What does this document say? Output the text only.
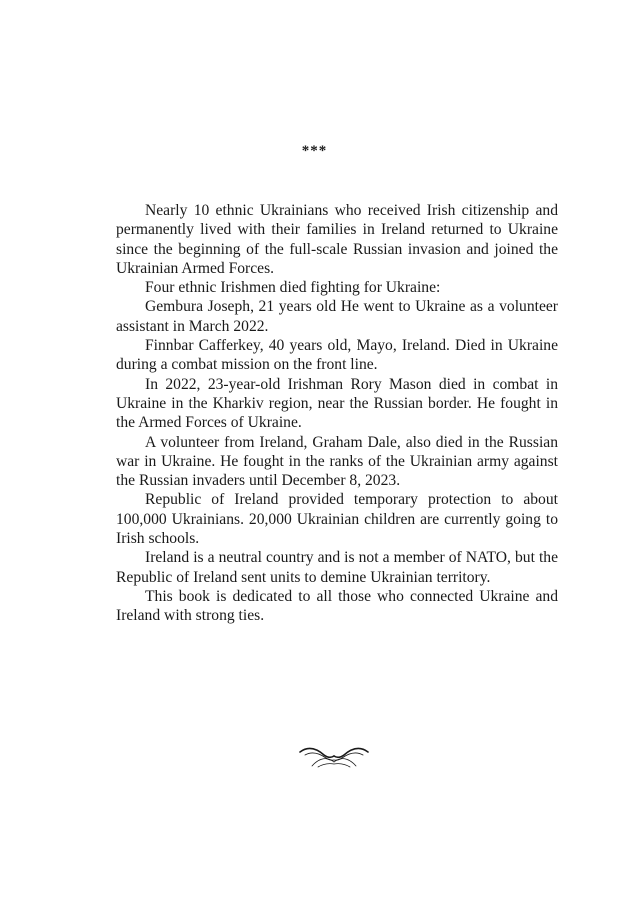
***

Nearly 10 ethnic Ukrainians who received Irish citizenship and permanently lived with their families in Ireland returned to Ukraine since the beginning of the full-scale Russian invasion and joined the Ukrainian Armed Forces.

Four ethnic Irishmen died fighting for Ukraine:

Gembura Joseph, 21 years old He went to Ukraine as a volunteer assistant in March 2022.

Finnbar Cafferkey, 40 years old, Mayo, Ireland. Died in Ukraine during a combat mission on the front line.

In 2022, 23-year-old Irishman Rory Mason died in combat in Ukraine in the Kharkiv region, near the Russian border. He fought in the Armed Forces of Ukraine.

A volunteer from Ireland, Graham Dale, also died in the Russian war in Ukraine. He fought in the ranks of the Ukrainian army against the Russian invaders until December 8, 2023.

Republic of Ireland provided temporary protection to about 100,000 Ukrainians. 20,000 Ukrainian children are currently going to Irish schools.

Ireland is a neutral country and is not a member of NATO, but the Republic of Ireland sent units to demine Ukrainian territory.

This book is dedicated to all those who connected Ukraine and Ireland with strong ties.
